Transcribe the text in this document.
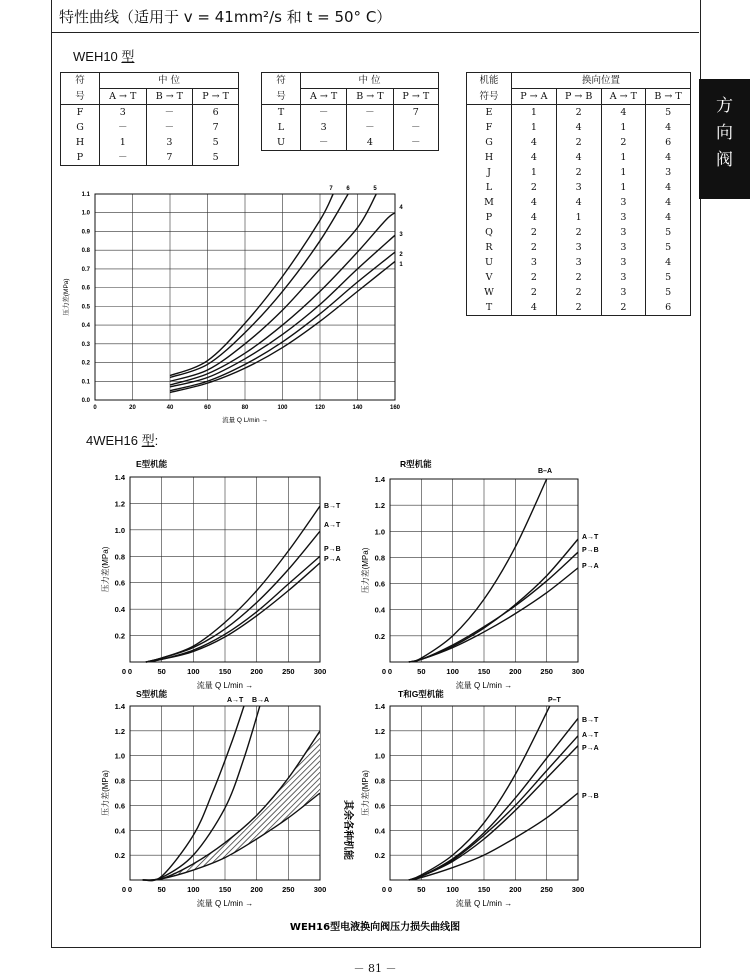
特性曲线（适用于 v = 41mm²/s 和 t = 50° C）
方
向
阀
WEH10 型
符	中 位		
号	A → T	B → T	P → T
F	3	－	6
G	－	－	7
H	1	3	5
P	－	7	5
符	中 位		
号	A → T	B → T	P → T
T	－	－	7
L	3	－	－
U	－	4	－
机能	换向位置			
符号	P → A	P → B	A → T	B → T
E	1	2	4	5
F	1	4	1	4
G	4	2	2	6
H	4	4	1	4
J	1	2	1	3
L	2	3	1	4
M	4	4	3	4
P	4	1	3	4
Q	2	2	3	5
R	2	3	3	5
U	3	3	3	4
V	2	2	3	5
W	2	2	3	5
T	4	2	2	6
4WEH16 型:
其余各种机能
WEH16型电液换向阀压力损失曲线图
0	20	40	60	80	100	120	140	160
0.0
0.1
0.2
0.3
0.4
0.5
0.6
0.7
0.8
0.9
1.0
1.1
流量 Q L/min →
压力差(MPa)
0	50	100	150	200	250	300
0.2
0.4
0.6
0.8
1.0
1.2
1.4
0
流量 Q L/min →
压力差(MPa)
E型机能
0	50	100	150	200	250	300
0.2
0.4
0.6
0.8
1.0
1.2
1.4
0
流量 Q L/min →
压力差(MPa)
R型机能
0	50	100	150	200	250	300
0.2
0.4
0.6
0.8
1.0
1.2
1.4
0
流量 Q L/min →
压力差(MPa)
S型机能
0	50	100	150	200	250	300
0.2
0.4
0.6
0.8
1.0
1.2
1.4
0
流量 Q L/min →
压力差(MPa)
T和G型机能
1
2
3
4
5
6
7
B→T
A→T
P→B
P→A
B–A
A→T
P→B
P→A
A→T B→A	P–T
B→T
A→T
P→A
P→B
－ 81 －
